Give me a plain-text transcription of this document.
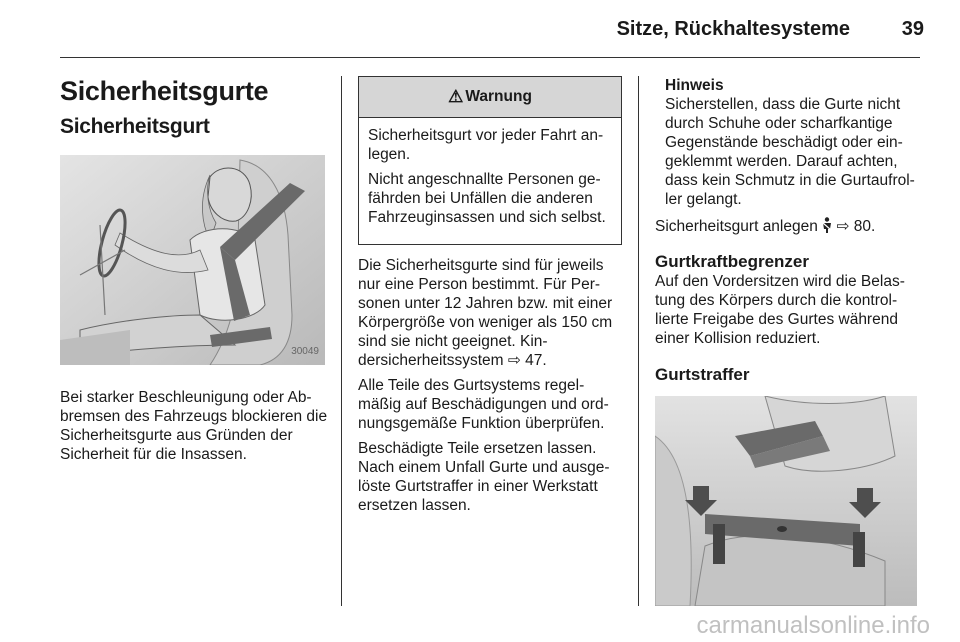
Sitze, Rückhaltesysteme	39
Sicherheitsgurte
Sicherheitsgurt
30049

Bei starker Beschleunigung oder Ab-bremsen des Fahrzeugs blockieren die Sicherheitsgurte aus Gründen der Sicherheit für die Insassen.

⚠ Warnung

Sicherheitsgurt vor jeder Fahrt an-legen.

Nicht angeschnallte Personen ge-fährden bei Unfällen die anderen Fahrzeuginsassen und sich selbst.

Die Sicherheitsgurte sind für jeweils nur eine Person bestimmt. Für Per-sonen unter 12 Jahren bzw. mit einer Körpergröße von weniger als 150 cm sind sie nicht geeignet. Kin-dersicherheitssystem ⇨ 47.

Alle Teile des Gurtsystems regel-mäßig auf Beschädigungen und ord-nungsgemäße Funktion überprüfen.

Beschädigte Teile ersetzen lassen. Nach einem Unfall Gurte und ausge-löste Gurtstraffer in einer Werkstatt ersetzen lassen.

Hinweis

Sicherstellen, dass die Gurte nicht durch Schuhe oder scharfkantige Gegenstände beschädigt oder ein-geklemmt werden. Darauf achten, dass kein Schmutz in die Gurtaufrol-ler gelangt.

Sicherheitsgurt anlegen ⇨ 80.

Gurtkraftbegrenzer

Auf den Vordersitzen wird die Belas-tung des Körpers durch die kontrol-lierte Freigabe des Gurtes während einer Kollision reduziert.

Gurtstraffer
carmanualsonline.info
